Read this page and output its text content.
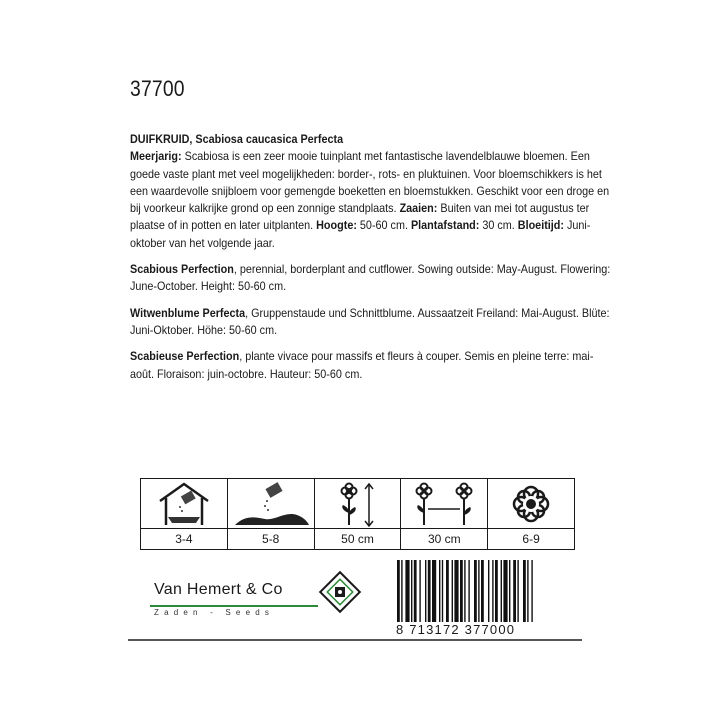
37700

DUIFKRUID, Scabiosa caucasica Perfecta
Meerjarig: Scabiosa is een zeer mooie tuinplant met fantastische lavendelblauwe bloemen. Een goede vaste plant met veel mogelijkheden: border-, rots- en pluktuinen. Voor bloemschikkers is het een waardevolle snijbloem voor gemengde boeketten en bloemstukken. Geschikt voor een droge en bij voorkeur kalkrijke grond op een zonnige standplaats. Zaaien: Buiten van mei tot augustus ter plaatse of in potten en later uitplanten. Hoogte: 50-60 cm. Plantafstand: 30 cm. Bloeitijd: Juni-oktober van het volgende jaar.

Scabious Perfection, perennial, borderplant and cutflower. Sowing outside: May-August. Flowering: June-October. Height: 50-60 cm.

Witwenblume Perfecta, Gruppenstaude und Schnittblume. Aussaatzeit Freiland: Mai-August. Blüte: Juni-Oktober. Höhe: 50-60 cm.

Scabieuse Perfection, plante vivace pour massifs et fleurs à couper. Semis en pleine terre: mai-août. Floraison: juin-octobre. Hauteur: 50-60 cm.

3-4	5-8	50 cm	30 cm	6-9
Van Hemert & Co
Zaden - Seeds
8 713172 377000
